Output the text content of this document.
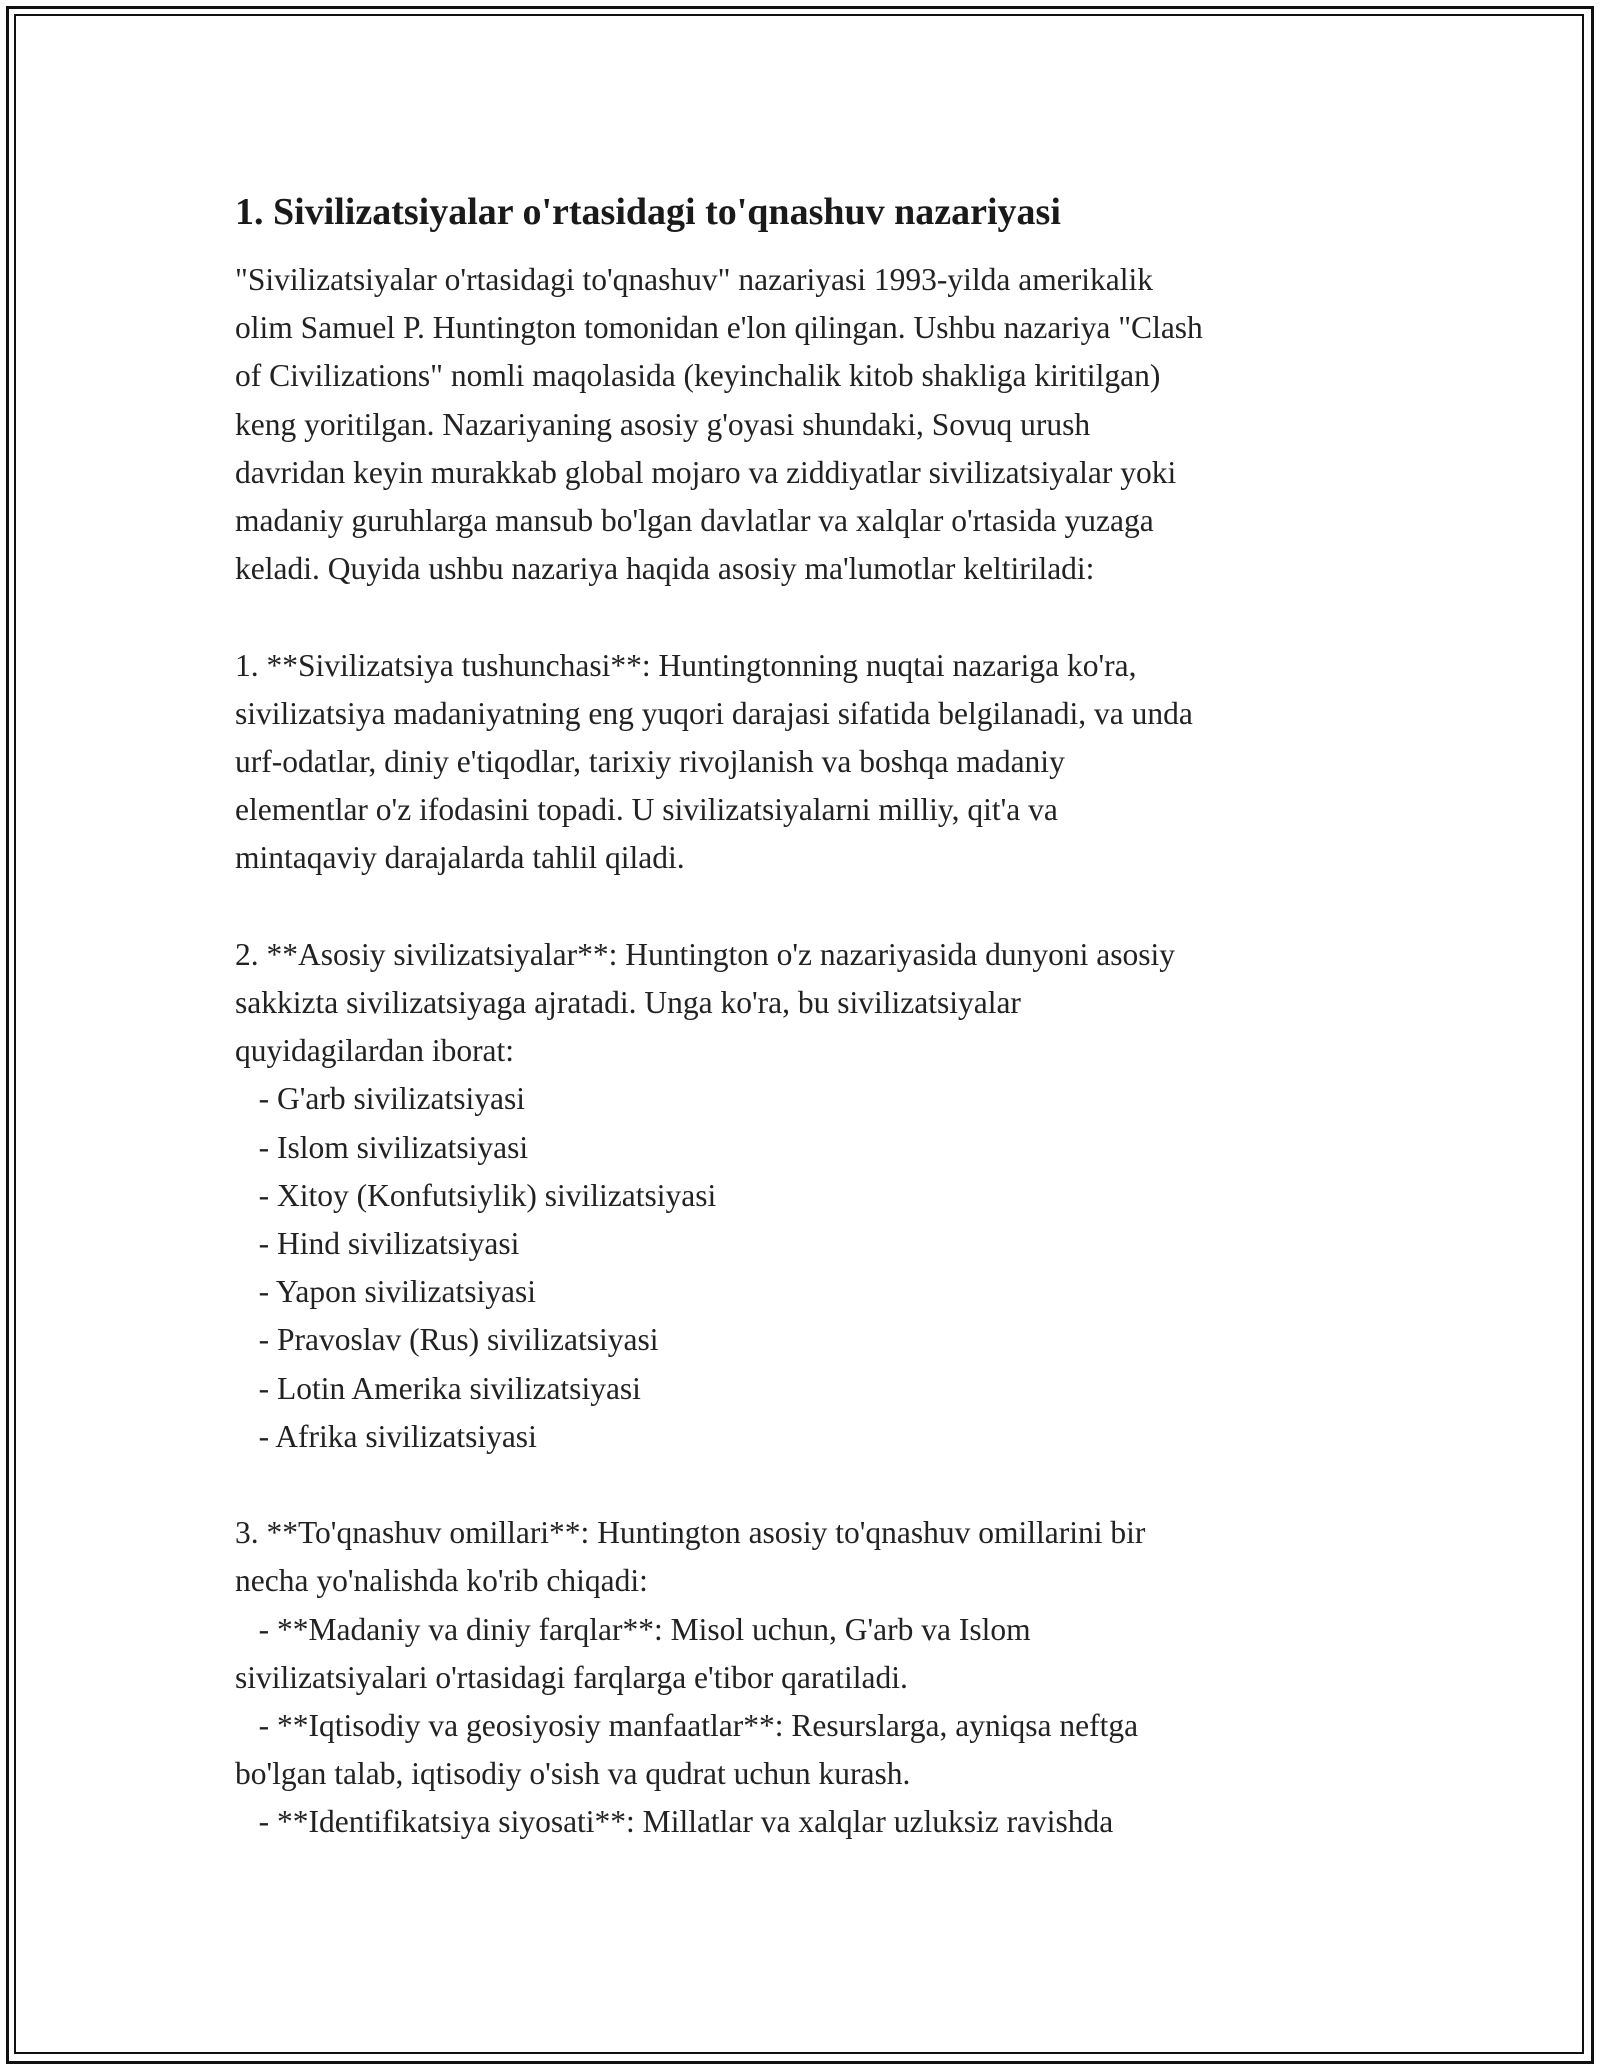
1. Sivilizatsiyalar o'rtasidagi to'qnashuv nazariyasi
"Sivilizatsiyalar o'rtasidagi to'qnashuv" nazariyasi 1993-yilda amerikalik
olim Samuel P. Huntington tomonidan e'lon qilingan. Ushbu nazariya "Clash
of Civilizations" nomli maqolasida (keyinchalik kitob shakliga kiritilgan)
keng yoritilgan. Nazariyaning asosiy g'oyasi shundaki, Sovuq urush
davridan keyin murakkab global mojaro va ziddiyatlar sivilizatsiyalar yoki
madaniy guruhlarga mansub bo'lgan davlatlar va xalqlar o'rtasida yuzaga
keladi. Quyida ushbu nazariya haqida asosiy ma'lumotlar keltiriladi:
1. **Sivilizatsiya tushunchasi**: Huntingtonning nuqtai nazariga ko'ra,
sivilizatsiya madaniyatning eng yuqori darajasi sifatida belgilanadi, va unda
urf-odatlar, diniy e'tiqodlar, tarixiy rivojlanish va boshqa madaniy
elementlar o'z ifodasini topadi. U sivilizatsiyalarni milliy, qit'a va
mintaqaviy darajalarda tahlil qiladi.
2. **Asosiy sivilizatsiyalar**: Huntington o'z nazariyasida dunyoni asosiy
sakkizta sivilizatsiyaga ajratadi. Unga ko'ra, bu sivilizatsiyalar
quyidagilardan iborat:
- G'arb sivilizatsiyasi
- Islom sivilizatsiyasi
- Xitoy (Konfutsiylik) sivilizatsiyasi
- Hind sivilizatsiyasi
- Yapon sivilizatsiyasi
- Pravoslav (Rus) sivilizatsiyasi
- Lotin Amerika sivilizatsiyasi
- Afrika sivilizatsiyasi
3. **To'qnashuv omillari**: Huntington asosiy to'qnashuv omillarini bir
necha yo'nalishda ko'rib chiqadi:
- **Madaniy va diniy farqlar**: Misol uchun, G'arb va Islom
sivilizatsiyalari o'rtasidagi farqlarga e'tibor qaratiladi.
- **Iqtisodiy va geosiyosiy manfaatlar**: Resurslarga, ayniqsa neftga
bo'lgan talab, iqtisodiy o'sish va qudrat uchun kurash.
- **Identifikatsiya siyosati**: Millatlar va xalqlar uzluksiz ravishda
